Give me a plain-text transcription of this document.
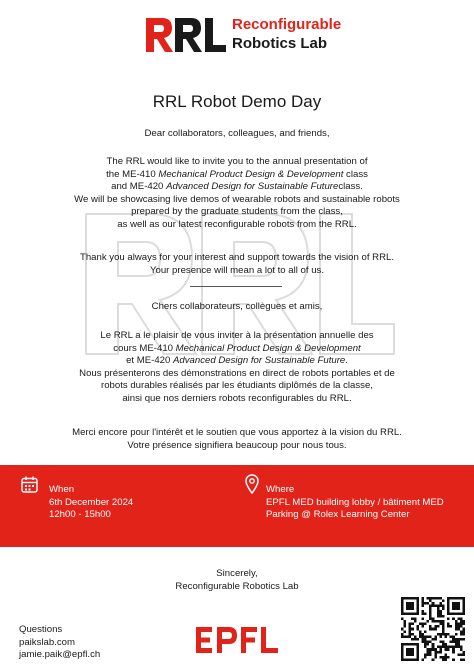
Reconfigurable
Robotics Lab
RRL Robot Demo Day
Dear collaborators, colleagues, and friends,

The RRL would like to invite you to the annual presentation of

the ME-410 Mechanical Product Design & Development class

and ME-420 Advanced Design for Sustainable Futureclass.

We will be showcasing live demos of wearable robots and sustainable robots

prepared by the graduate students from the class,

as well as our latest reconfigurable robots from the RRL.

Thank you always for your interest and support towards the vision of RRL.

Your presence will mean a lot to all of us.

Chers collaborateurs, collègues et amis,

Le RRL a le plaisir de vous inviter à la présentation annuelle des

cours ME-410 Mechanical Product Design & Development

et ME-420 Advanced Design for Sustainable Future.

Nous présenterons des démonstrations en direct de robots portables et de

robots durables réalisés par les étudiants diplômés de la classe,

ainsi que nos derniers robots reconfigurables du RRL.

Merci encore pour l'intérêt et le soutien que vous apportez à la vision du RRL.

Votre présence signifiera beaucoup pour nous tous.

When

6th December 2024

12h00 - 15h00

Where

EPFL MED building lobby / bâtiment MED

Parking @ Rolex Learning Center

Sincerely,

Reconfigurable Robotics Lab

Questions

paikslab.com

jamie.paik@epfl.ch
